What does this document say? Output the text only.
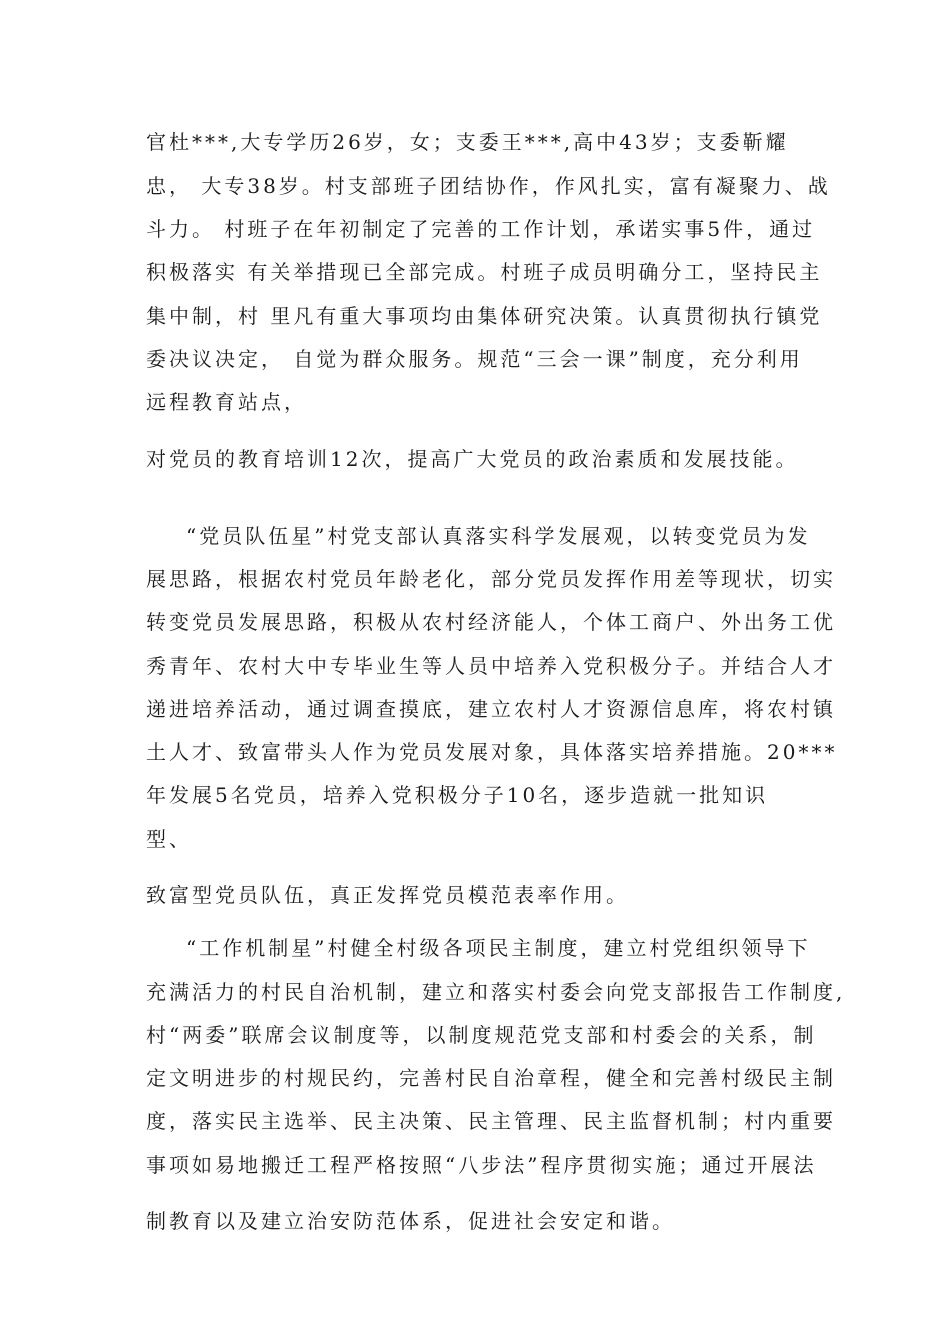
官杜***,大专学历26岁，女；支委王***,高中43岁；支委靳耀
忠， 大专38岁。村支部班子团结协作，作风扎实，富有凝聚力、战
斗力。 村班子在年初制定了完善的工作计划，承诺实事5件，通过
积极落实 有关举措现已全部完成。村班子成员明确分工，坚持民主
集中制，村 里凡有重大事项均由集体研究决策。认真贯彻执行镇党
委决议决定， 自觉为群众服务。规范“三会一课”制度，充分利用
远程教育站点，
对党员的教育培训12次，提高广大党员的政治素质和发展技能。
“党员队伍星”村党支部认真落实科学发展观，以转变党员为发
展思路，根据农村党员年龄老化，部分党员发挥作用差等现状，切实
转变党员发展思路，积极从农村经济能人，个体工商户、外出务工优
秀青年、农村大中专毕业生等人员中培养入党积极分子。并结合人才
递进培养活动，通过调查摸底，建立农村人才资源信息库，将农村镇
土人才、致富带头人作为党员发展对象，具体落实培养措施。20***
年发展5名党员，培养入党积极分子10名，逐步造就一批知识
型、
致富型党员队伍，真正发挥党员模范表率作用。
“工作机制星”村健全村级各项民主制度，建立村党组织领导下
充满活力的村民自治机制，建立和落实村委会向党支部报告工作制度,
村“两委”联席会议制度等，以制度规范党支部和村委会的关系，制
定文明进步的村规民约，完善村民自治章程，健全和完善村级民主制
度，落实民主选举、民主决策、民主管理、民主监督机制；村内重要
事项如易地搬迁工程严格按照“八步法”程序贯彻实施；通过开展法
制教育以及建立治安防范体系，促进社会安定和谐。
